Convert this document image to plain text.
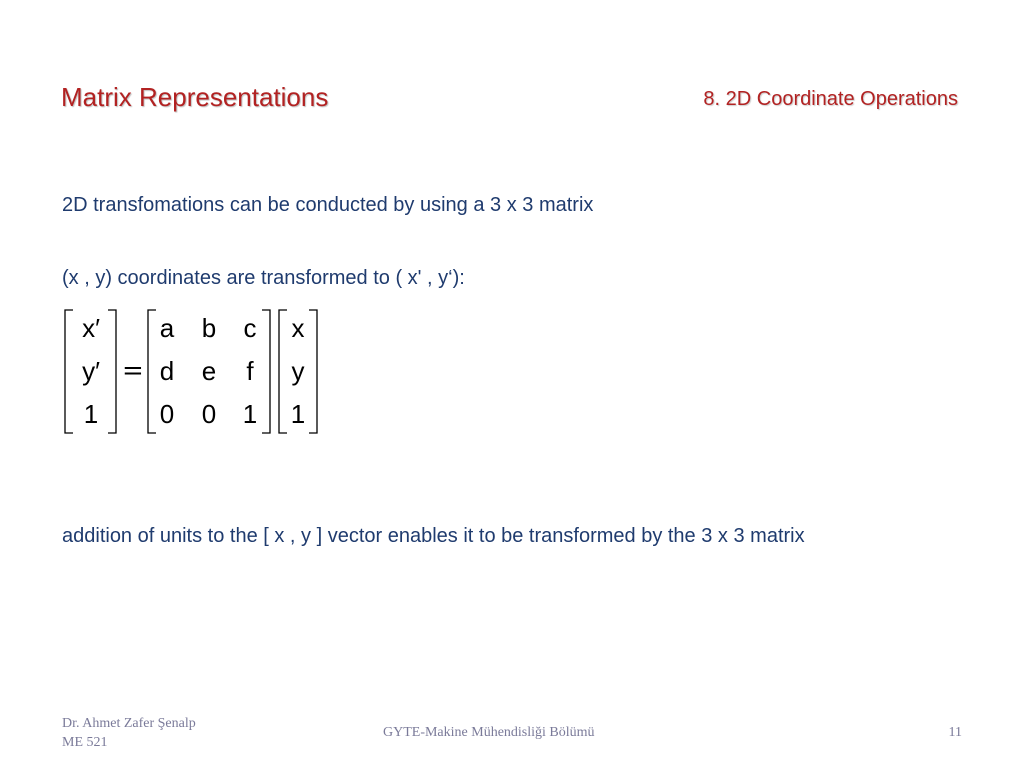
Matrix Representations	8. 2D Coordinate Operations
2D transfomations can be conducted by using a 3 x 3 matrix
(x , y) coordinates are transformed to ( x' , y‘):
x′
y′
1
=
a b c
d e	f
0 0 1
x
y
1
addition of units to the [ x , y ] vector enables it to be transformed by the 3 x 3 matrix
Dr. Ahmet Zafer Şenalp
ME 521
GYTE-Makine Mühendisliği Bölümü	11
